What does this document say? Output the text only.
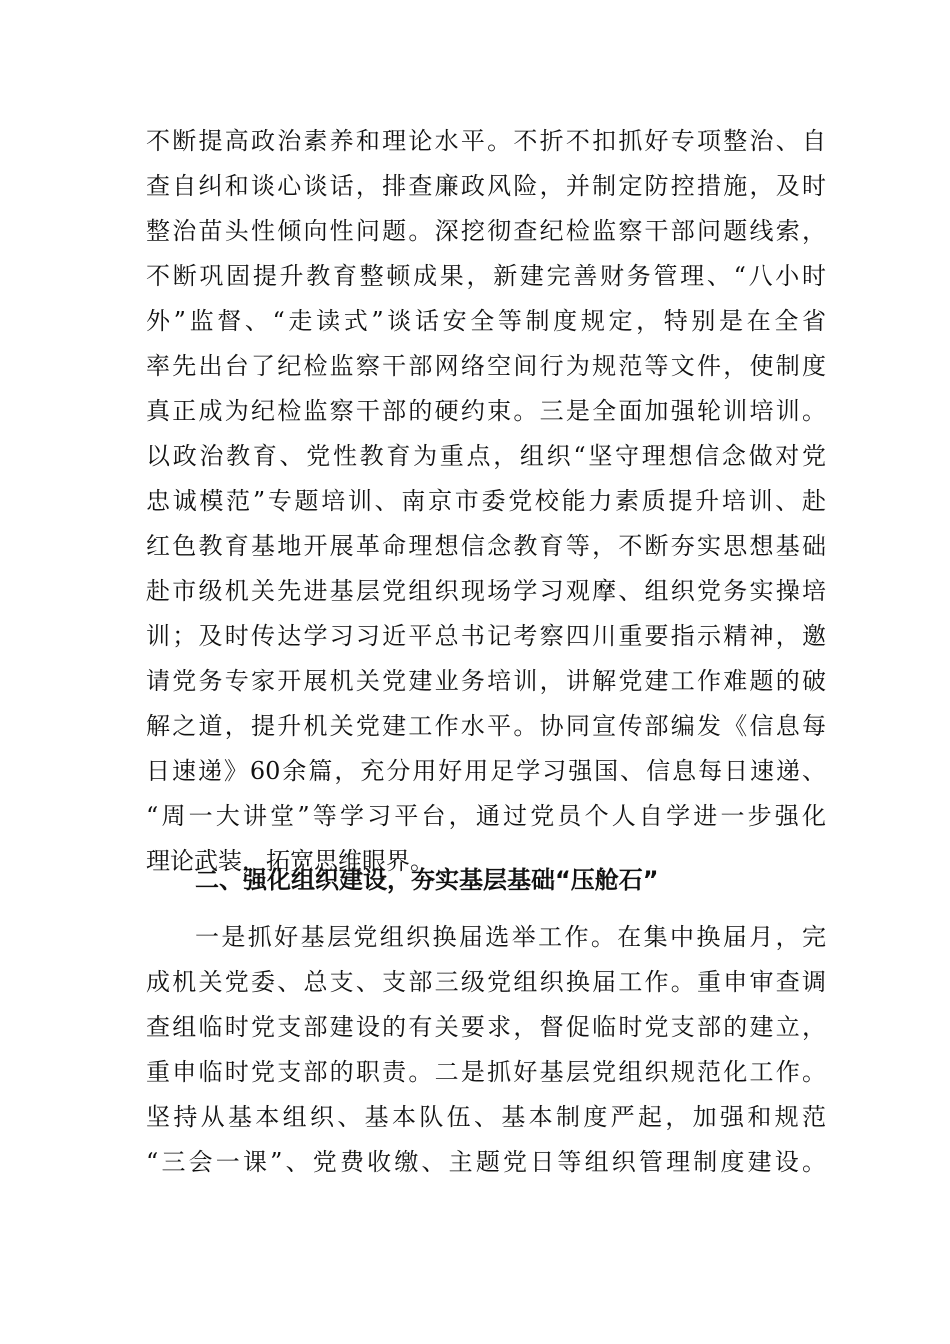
不断提高政治素养和理论水平。不折不扣抓好专项整治、自
查自纠和谈心谈话，排查廉政风险，并制定防控措施，及时
整治苗头性倾向性问题。深挖彻查纪检监察干部问题线索，
不断巩固提升教育整顿成果，新建完善财务管理、“八小时
外”监督、“走读式”谈话安全等制度规定，特别是在全省
率先出台了纪检监察干部网络空间行为规范等文件，使制度
真正成为纪检监察干部的硬约束。三是全面加强轮训培训。
以政治教育、党性教育为重点，组织“坚守理想信念做对党
忠诚模范”专题培训、南京市委党校能力素质提升培训、赴
红色教育基地开展革命理想信念教育等，不断夯实思想基础
赴市级机关先进基层党组织现场学习观摩、组织党务实操培
训；及时传达学习习近平总书记考察四川重要指示精神，邀
请党务专家开展机关党建业务培训，讲解党建工作难题的破
解之道，提升机关党建工作水平。协同宣传部编发《信息每
日速递》60余篇，充分用好用足学习强国、信息每日速递、
“周一大讲堂”等学习平台，通过党员个人自学进一步强化
理论武装，拓宽思维眼界。
二、强化组织建设，夯实基层基础“压舱石”
一是抓好基层党组织换届选举工作。在集中换届月，完
成机关党委、总支、支部三级党组织换届工作。重申审查调
查组临时党支部建设的有关要求，督促临时党支部的建立，
重申临时党支部的职责。二是抓好基层党组织规范化工作。
坚持从基本组织、基本队伍、基本制度严起，加强和规范
“三会一课”、党费收缴、主题党日等组织管理制度建设。
